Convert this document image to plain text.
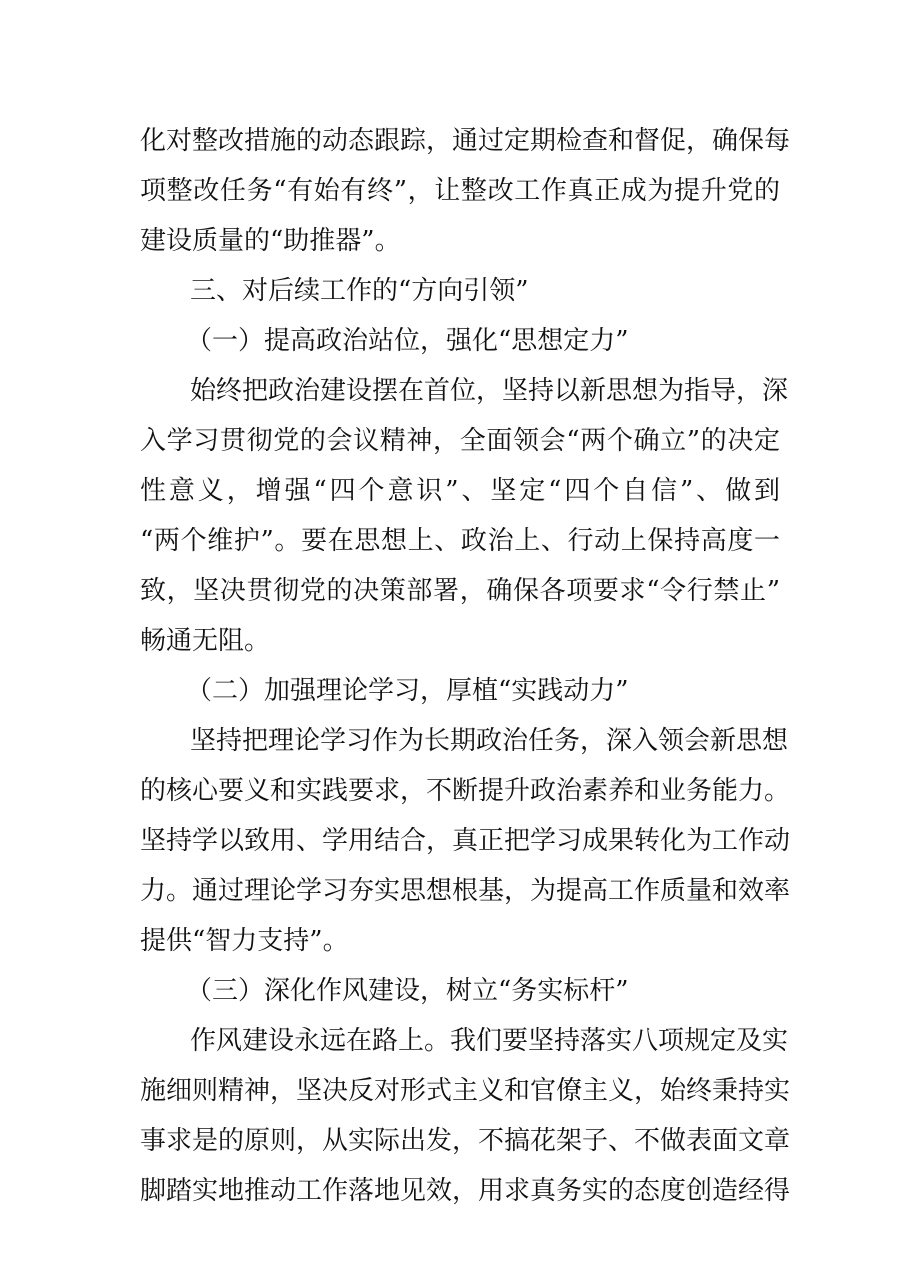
化对整改措施的动态跟踪，通过定期检查和督促，确保每
项整改任务“有始有终”，让整改工作真正成为提升党的
建设质量的“助推器”。
三、对后续工作的“方向引领”
（一）提高政治站位，强化“思想定力”
始终把政治建设摆在首位，坚持以新思想为指导，深
入学习贯彻党的会议精神，全面领会“两个确立”的决定
性意义，增强“四个意识”、坚定“四个自信”、做到
“两个维护”。要在思想上、政治上、行动上保持高度一
致，坚决贯彻党的决策部署，确保各项要求“令行禁止”
畅通无阻。
（二）加强理论学习，厚植“实践动力”
坚持把理论学习作为长期政治任务，深入领会新思想
的核心要义和实践要求，不断提升政治素养和业务能力。
坚持学以致用、学用结合，真正把学习成果转化为工作动
力。通过理论学习夯实思想根基，为提高工作质量和效率
提供“智力支持”。
（三）深化作风建设，树立“务实标杆”
作风建设永远在路上。我们要坚持落实八项规定及实
施细则精神，坚决反对形式主义和官僚主义，始终秉持实
事求是的原则，从实际出发，不搞花架子、不做表面文章
脚踏实地推动工作落地见效，用求真务实的态度创造经得
